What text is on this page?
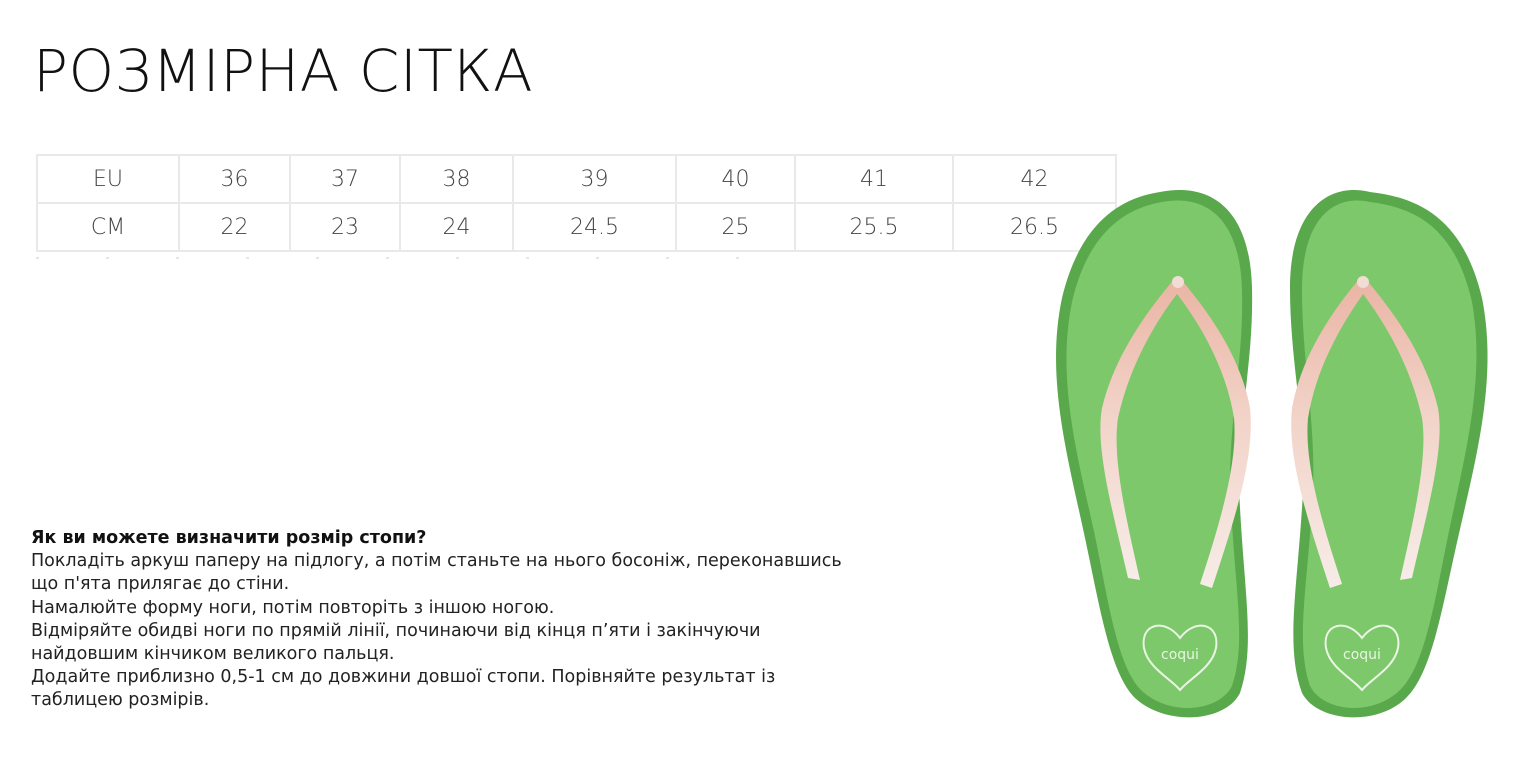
РОЗМІРНА СІТКА
EU	36	37	38	39	40	41	42
CM	22	23	24	24.5	25	25.5	26.5

Як ви можете визначити розмір стопи?

Покладіть аркуш паперу на підлогу, а потім станьте на нього босоніж, переконавшись що п'ята прилягає до стіни.

Намалюйте форму ноги, потім повторіть з іншою ногою.

Відміряйте обидві ноги по прямій лінії, починаючи від кінця п’яти і закінчуючи найдовшим кінчиком великого пальця.

Додайте приблизно 0,5-1 см до довжини довшої стопи. Порівняйте результат із таблицею розмірів.

coqui	coqui
